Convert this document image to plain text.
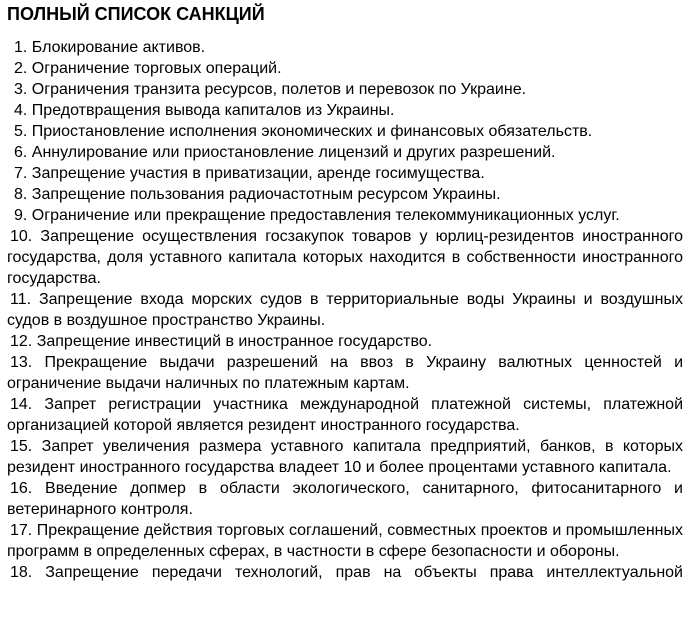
ПОЛНЫЙ СПИСОК САНКЦИЙ

1. Блокирование активов.

2. Ограничение торговых операций.

3. Ограничения транзита ресурсов, полетов и перевозок по Украине.

4. Предотвращения вывода капиталов из Украины.

5. Приостановление исполнения экономических и финансовых обязательств.

6. Аннулирование или приостановление лицензий и других разрешений.

7. Запрещение участия в приватизации, аренде госимущества.

8. Запрещение пользования радиочастотным ресурсом Украины.

9. Ограничение или прекращение предоставления телекоммуникационных услуг.

10. Запрещение осуществления госзакупок товаров у юрлиц-резидентов иностранного государства, доля уставного капитала которых находится в собственности иностранного государства.

11. Запрещение входа морских судов в территориальные воды Украины и воздушных судов в воздушное пространство Украины.

12. Запрещение инвестиций в иностранное государство.

13. Прекращение выдачи разрешений на ввоз в Украину валютных ценностей и ограничение выдачи наличных по платежным картам.

14. Запрет регистрации участника международной платежной системы, платежной организацией которой является резидент иностранного государства.

15. Запрет увеличения размера уставного капитала предприятий, банков, в которых резидент иностранного государства владеет 10 и более процентами уставного капитала.

16. Введение допмер в области экологического, санитарного, фитосанитарного и ветеринарного контроля.

17. Прекращение действия торговых соглашений, совместных проектов и промышленных программ в определенных сферах, в частности в сфере безопасности и обороны.

18. Запрещение передачи технологий, прав на объекты права интеллектуальной
